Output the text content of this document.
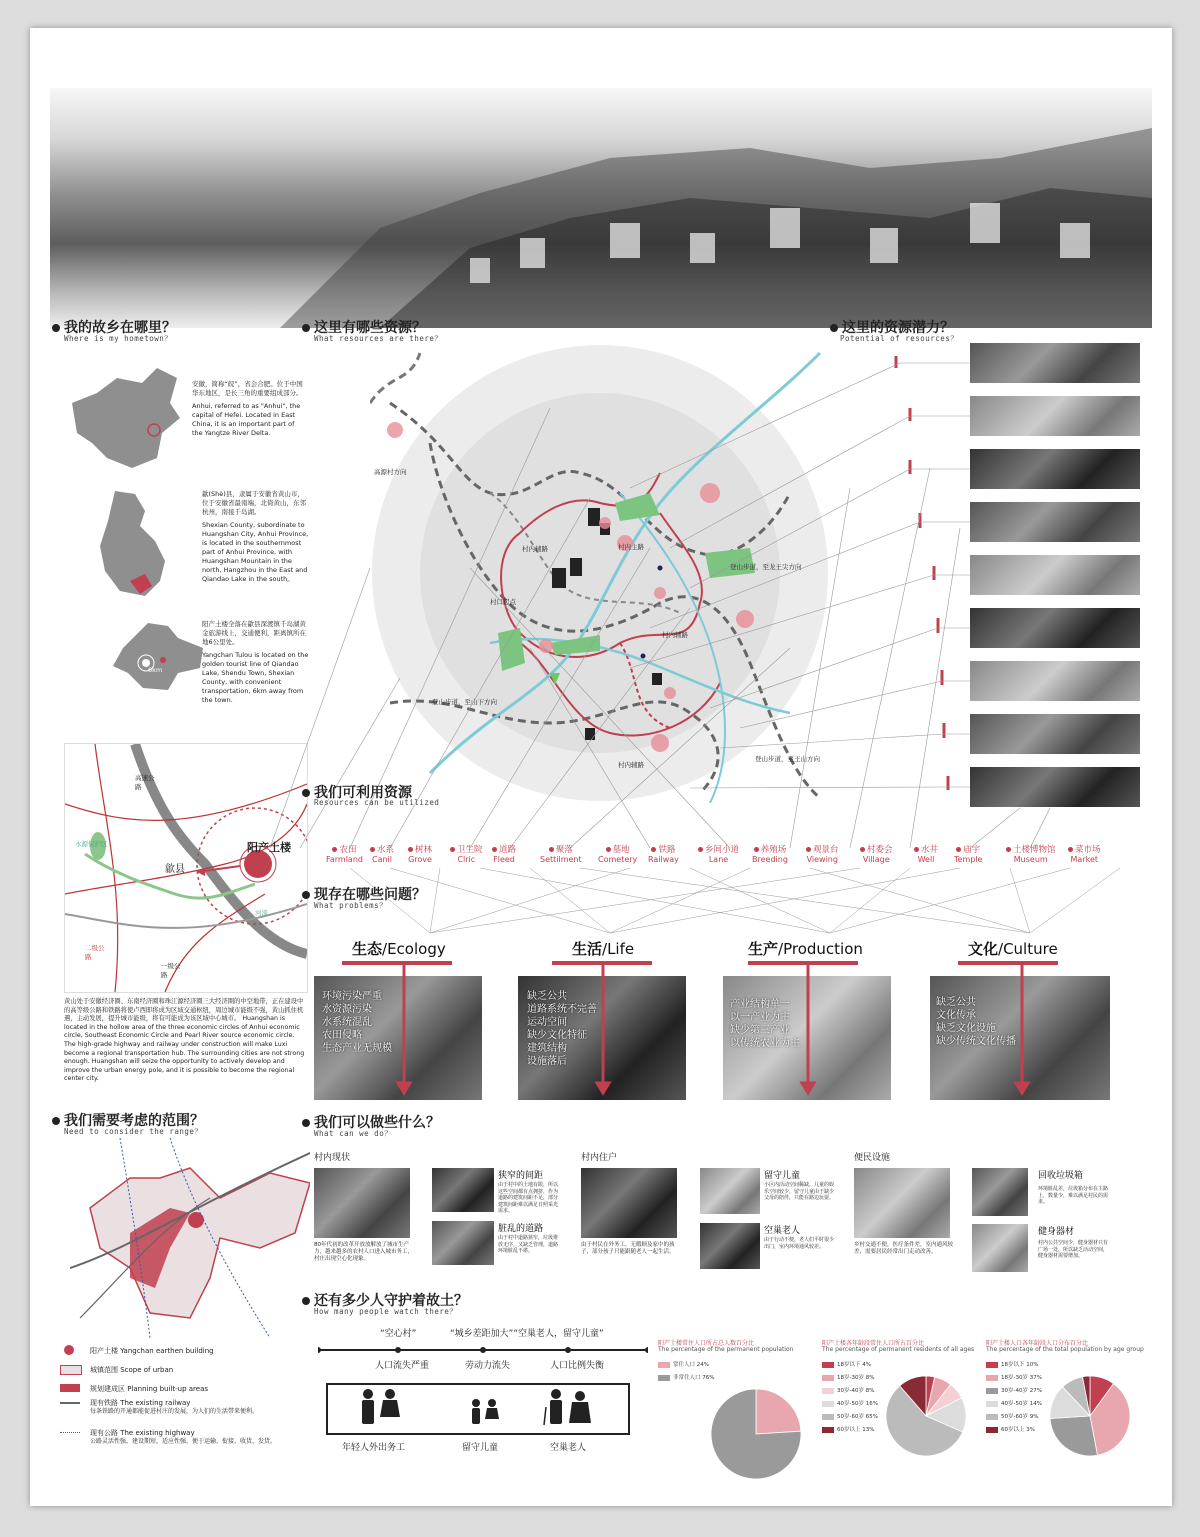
我的故乡在哪里？
Where is my hometown？
这里有哪些资源？
What resources are there？
这里的资源潜力？
Potential of resources？
安徽，简称“皖”，省会合肥。位于中国华东地区，是长三角的重要组成部分。
Anhui, referred to as "Anhui", the capital of Hefei. Located in East China, it is an important part of the Yangtze River Delta.
歙(Shè)县，隶属于安徽省黄山市，位于安徽省最南端，北倚黄山，东邻杭州，南接千岛湖。
Shexian County, subordinate to Huangshan City, Anhui Province, is located in the southernmost part of Anhui Province, with Huangshan Mountain in the north, Hangzhou in the East and Qiandao Lake in the south。
6km
阳产土楼全落在歙县深渡镇千岛湖黄金旅游线上，交通便利，距离镇所在地6公里处。
Yangchan Tulou is located on the golden tourist line of Qiandao Lake, Shendu Town, Shexian County, with convenient transportation, 6km away from the town.
阳产土楼
歙县
高速公路
水源保护区
河流
二级公路
一级公路
黄山处于安徽经济圈、东南经济圈和珠江源经济圈三大经济圈的中空地带，正在建设中的高等级公路和铁路将使卢西即将成为区域交通枢纽，周边城市能级不强，黄山抓住机遇，主动发展，提升城市能级，将有可能成为该区域中心城市。 Huangshan is located in the hollow area of the three economic circles of Anhui economic circle, Southeast Economic Circle and Pearl River source economic circle. The high-grade highway and railway under construction will make Luxi become a regional transportation hub. The surrounding cities are not strong enough. Huangshan will seize the opportunity to actively develop and improve the urban energy pole, and it is possible to become the regional center city.
高源村方向
村内辅路	村内主路
村口起点
村内辅路
村内辅路
登山步道，至龙王尖方向
登山步道，至山下方向
登山步道，至王山方向
我们可利用资源
Resources can be utilized
农田
Farmland
水系
Canil
树林
Grove
卫生院
Clric
道路
Fleed
聚落
Settilment
墓地
Cometery
铁路
Railway
乡间小道
Lane
养殖场
Breeding
观景台
Viewing
村委会
Village
水井
Well
庙宇
Temple
土楼博物馆
Museum
菜市场
Market
现存在哪些问题？
What problems？
生态/Ecology	生活/Life	生产/Production	文化/Culture
环境污染严重
水资源污染
水系统混乱
农田侵略
生态产业无规模
缺乏公共
道路系统不完善
运动空间
缺少文化特征
建筑结构
设施落后
产业结构单一
以一产业为主
缺少第三产业
以传统农业为主
缺乏公共
文化传承
缺乏文化设施
缺少传统文化传播
我们需要考虑的范围？
Need to consider the range？
阳产土楼 Yangchan earthen building
城镇范围 Scope of urban
规划建成区 Planning built-up areas
现有铁路 The existing railway
每条铁路的开通都能促进村庄的发展，为人们的生活带来便利。
现有公路 The existing highway
公路灵活性强，建设期短，适应性强，便于运输、衔接、收货、发货。
我们可以做些什么？
What can we do？
村内现状	村内住户	便民设施
80年代初的改革开放放解放了城市生产力，越来越多的农村人口进入城市务工，村庄出现空心化现象。
狭窄的间距
由于村中的土地有限，所以这些空间都有点拥挤，作为道路的建筑间距不足，部分建筑间距难以满足日照采光需求。
脏乱的道路
由于村中道路狭窄，垃圾堆放无序，又缺乏管理，道路环境脏乱不堪。
由于村民在外务工，无暇顾及家中的孩子，部分孩子只能跟随老人一起生活。
留守儿童
小区内活动空间稀缺，儿童的娱乐空间较少，留守儿童由于缺少父母的陪伴，只能在路边玩耍。
空巢老人
由于行动不便，老人们平时很少出门，室内环境通风较差。	乡村交通不便，医疗条件差，室内通风较差，需要居民经常出门走动改善。
回收垃圾箱
环境脏乱差，垃圾箱分布在主路上，数量少，难以满足村民的需求。
健身器材
村内公共空间少，健身器材只有广场一处，所以缺乏活动空间，健身器材需要增加。
还有多少人守护着故土？
How many people watch there？
“空心村”	“城乡差距加大”“空巢老人，留守儿童”
人口流失严重	劳动力流失	人口比例失衡
年轻人外出务工	留守儿童	空巢老人
阳产土楼常住人口所占总人数百分比
The percentage of the permanent population
常住人口 24%
非常住人口 76%
阳产土楼各年龄段常住人口所占百分比
The percentage of permanent residents of all ages
18岁以下 4%
18岁-30岁 8%
30岁-40岁 8%
40岁-50岁 16%
50岁-60岁 65%
60岁以上 13%
阳产土楼人口各年龄段人口分布百分比
The percentage of the total population by age group
18岁以下 10%
18岁-30岁 37%
30岁-40岁 27%
40岁-50岁 14%
50岁-60岁 9%
60岁以上 3%
